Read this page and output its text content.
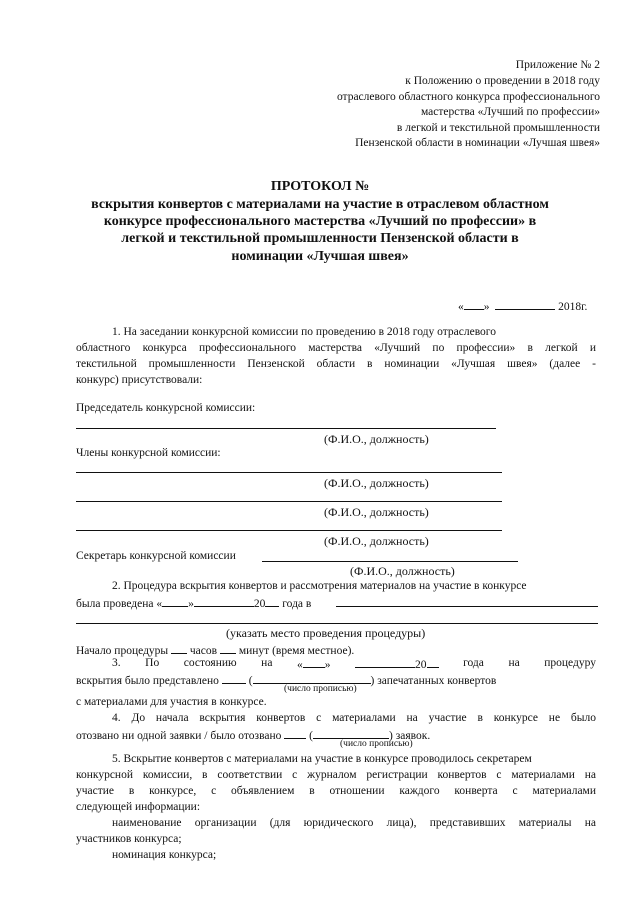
Приложение № 2
к Положению о проведении в 2018 году
отраслевого областного конкурса профессионального
мастерства «Лучший по профессии»
в легкой и текстильной промышленности
Пензенской области в номинации «Лучшая швея»
ПРОТОКОЛ №
вскрытия конвертов с материалами на участие в отраслевом областном
конкурсе профессионального мастерства «Лучший по профессии» в
легкой и текстильной промышленности Пензенской области в
номинации «Лучшая швея»
« »	2018г.
1. На заседании конкурсной комиссии по проведению в 2018 году отраслевого
областного конкурса профессионального мастерства «Лучший по профессии» в легкой и
текстильной промышленности Пензенской области в номинации «Лучшая швея» (далее -
конкурс) присутствовали:
Председатель конкурсной комиссии:
(Ф.И.О., должность)
Члены конкурсной комиссии:
(Ф.И.О., должность)
(Ф.И.О., должность)
(Ф.И.О., должность)
Секретарь конкурсной комиссии
(Ф.И.О., должность)
2. Процедура вскрытия конвертов и рассмотрения материалов на участие в конкурсе
была проведена « »	20 года в
(указать место проведения процедуры)
Начало процедуры часов минут (время местное).
3. По состоянию на « »	20	года на процедуру
вскрытия было представлено	(	) запечатанных конвертов
(число прописью)
с материалами для участия в конкурсе.
4. До начала вскрытия конвертов с материалами на участие в конкурсе не было
отозвано ни одной заявки / было отозвано (	) заявок.
(число прописью)
5. Вскрытие конвертов с материалами на участие в конкурсе проводилось секретарем
конкурсной комиссии, в соответствии с журналом регистрации конвертов с материалами на
участие в конкурсе, с объявлением в отношении каждого конверта с материалами
следующей информации:
наименование организации (для юридического лица), представивших материалы на
участников конкурса;
номинация конкурса;
